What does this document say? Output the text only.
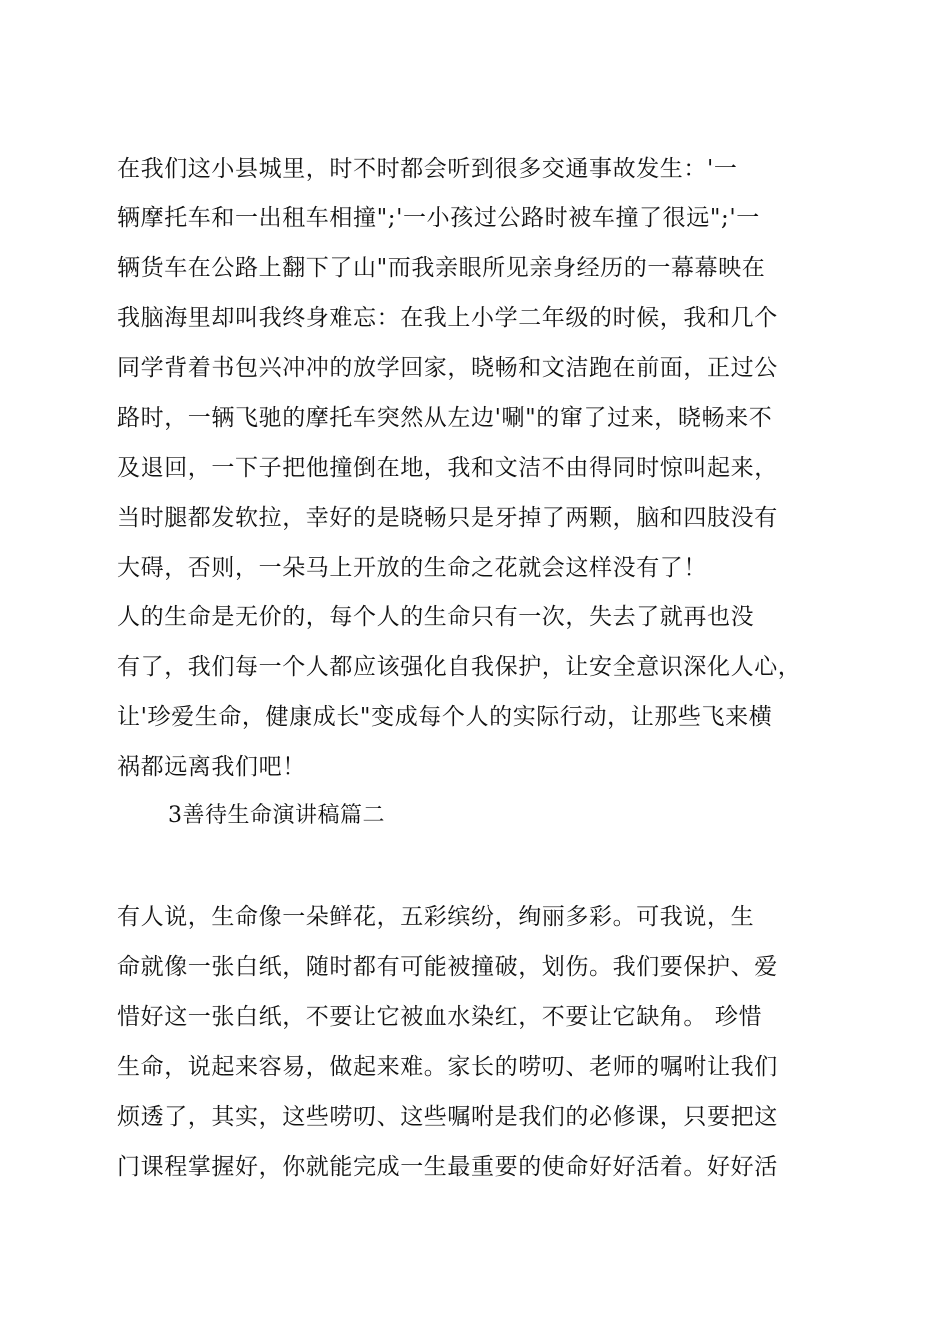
在我们这小县城里，时不时都会听到很多交通事故发生：'一
辆摩托车和一出租车相撞";'一小孩过公路时被车撞了很远";'一
辆货车在公路上翻下了山"而我亲眼所见亲身经历的一幕幕映在
我脑海里却叫我终身难忘：在我上小学二年级的时候，我和几个
同学背着书包兴冲冲的放学回家，晓畅和文洁跑在前面，正过公
路时，一辆飞驰的摩托车突然从左边'唰"的窜了过来，晓畅来不
及退回，一下子把他撞倒在地，我和文洁不由得同时惊叫起来，
当时腿都发软拉，幸好的是晓畅只是牙掉了两颗，脑和四肢没有
大碍，否则，一朵马上开放的生命之花就会这样没有了！
人的生命是无价的，每个人的生命只有一次，失去了就再也没
有了，我们每一个人都应该强化自我保护，让安全意识深化人心，
让'珍爱生命，健康成长"变成每个人的实际行动，让那些飞来横
祸都远离我们吧！
3善待生命演讲稿篇二
有人说，生命像一朵鲜花，五彩缤纷，绚丽多彩。可我说，生
命就像一张白纸，随时都有可能被撞破，划伤。我们要保护、爱
惜好这一张白纸，不要让它被血水染红，不要让它缺角。 珍惜
生命，说起来容易，做起来难。家长的唠叨、老师的嘱咐让我们
烦透了，其实，这些唠叨、这些嘱咐是我们的必修课，只要把这
门课程掌握好，你就能完成一生最重要的使命好好活着。好好活
